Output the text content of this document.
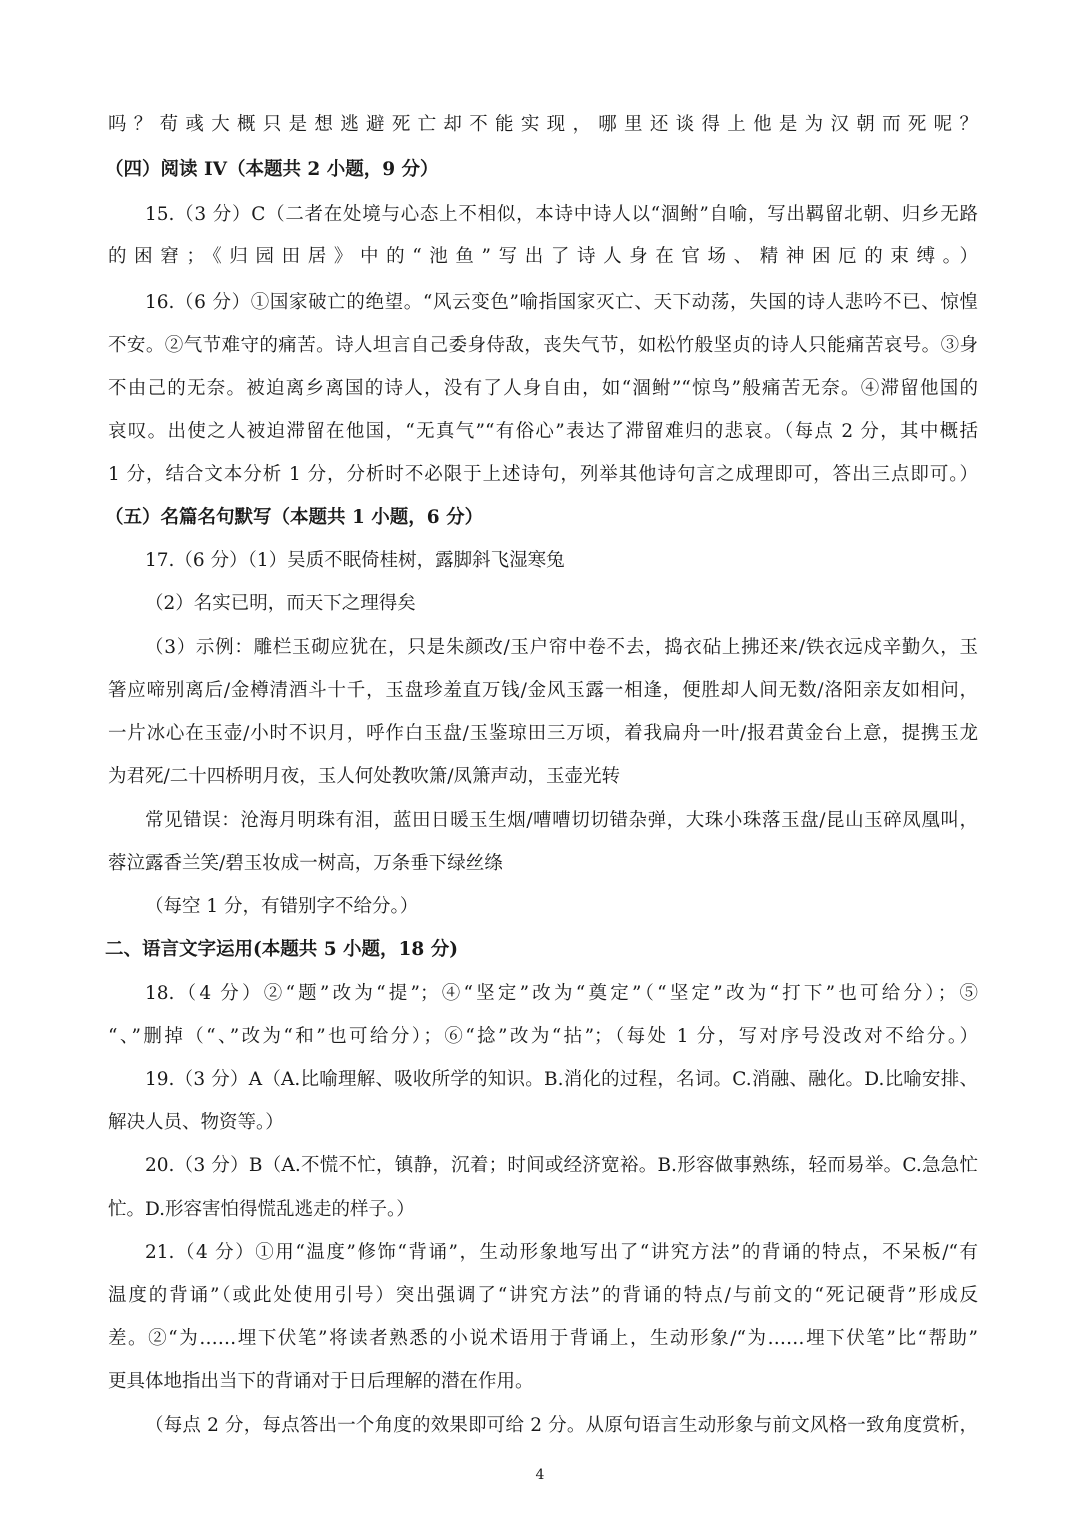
吗？荀彧大概只是想逃避死亡却不能实现，哪里还谈得上他是为汉朝而死呢？
（四）阅读 IV（本题共 2 小题，9 分）
15.（3 分）C（二者在处境与心态上不相似，本诗中诗人以“涸鲋”自喻，写出羁留北朝、归乡无路
的困窘；《归园田居》中的“池鱼”写出了诗人身在官场、精神困厄的束缚。）
16.（6 分）①国家破亡的绝望。“风云变色”喻指国家灭亡、天下动荡，失国的诗人悲吟不已、惊惶
不安。②气节难守的痛苦。诗人坦言自己委身侍敌，丧失气节，如松竹般坚贞的诗人只能痛苦哀号。③身
不由己的无奈。被迫离乡离国的诗人，没有了人身自由，如“涸鲋”“惊鸟”般痛苦无奈。④滞留他国的
哀叹。出使之人被迫滞留在他国，“无真气”“有俗心”表达了滞留难归的悲哀。（每点 2 分，其中概括
1 分，结合文本分析 1 分，分析时不必限于上述诗句，列举其他诗句言之成理即可，答出三点即可。）
（五）名篇名句默写（本题共 1 小题，6 分）
17.（6 分）（1）吴质不眠倚桂树，露脚斜飞湿寒兔
（2）名实已明，而天下之理得矣
（3）示例：雕栏玉砌应犹在，只是朱颜改/玉户帘中卷不去，捣衣砧上拂还来/铁衣远戍辛勤久，玉
箸应啼别离后/金樽清酒斗十千，玉盘珍羞直万钱/金风玉露一相逢，便胜却人间无数/洛阳亲友如相问，
一片冰心在玉壶/小时不识月，呼作白玉盘/玉鉴琼田三万顷，着我扁舟一叶/报君黄金台上意，提携玉龙
为君死/二十四桥明月夜，玉人何处教吹箫/凤箫声动，玉壶光转
常见错误：沧海月明珠有泪，蓝田日暖玉生烟/嘈嘈切切错杂弹，大珠小珠落玉盘/昆山玉碎凤凰叫，
蓉泣露香兰笑/碧玉妆成一树高，万条垂下绿丝绦
（每空 1 分，有错别字不给分。）
二、语言文字运用(本题共 5 小题，18 分)
18.（4 分）②“题”改为“提”；④“坚定”改为“奠定”（“坚定”改为“打下”也可给分）；⑤
“、”删掉（“、”改为“和”也可给分）；⑥“捻”改为“拈”；（每处 1 分，写对序号没改对不给分。）
19.（3 分）A（A.比喻理解、吸收所学的知识。B.消化的过程，名词。C.消融、融化。D.比喻安排、
解决人员、物资等。）
20.（3 分）B（A.不慌不忙，镇静，沉着；时间或经济宽裕。B.形容做事熟练，轻而易举。C.急急忙
忙。D.形容害怕得慌乱逃走的样子。）
21.（4 分）①用“温度”修饰“背诵”，生动形象地写出了“讲究方法”的背诵的特点，不呆板/“有
温度的背诵”（或此处使用引号）突出强调了“讲究方法”的背诵的特点/与前文的“死记硬背”形成反
差。②“为……埋下伏笔”将读者熟悉的小说术语用于背诵上，生动形象/“为……埋下伏笔”比“帮助”
更具体地指出当下的背诵对于日后理解的潜在作用。
（每点 2 分，每点答出一个角度的效果即可给 2 分。从原句语言生动形象与前文风格一致角度赏析，
4
